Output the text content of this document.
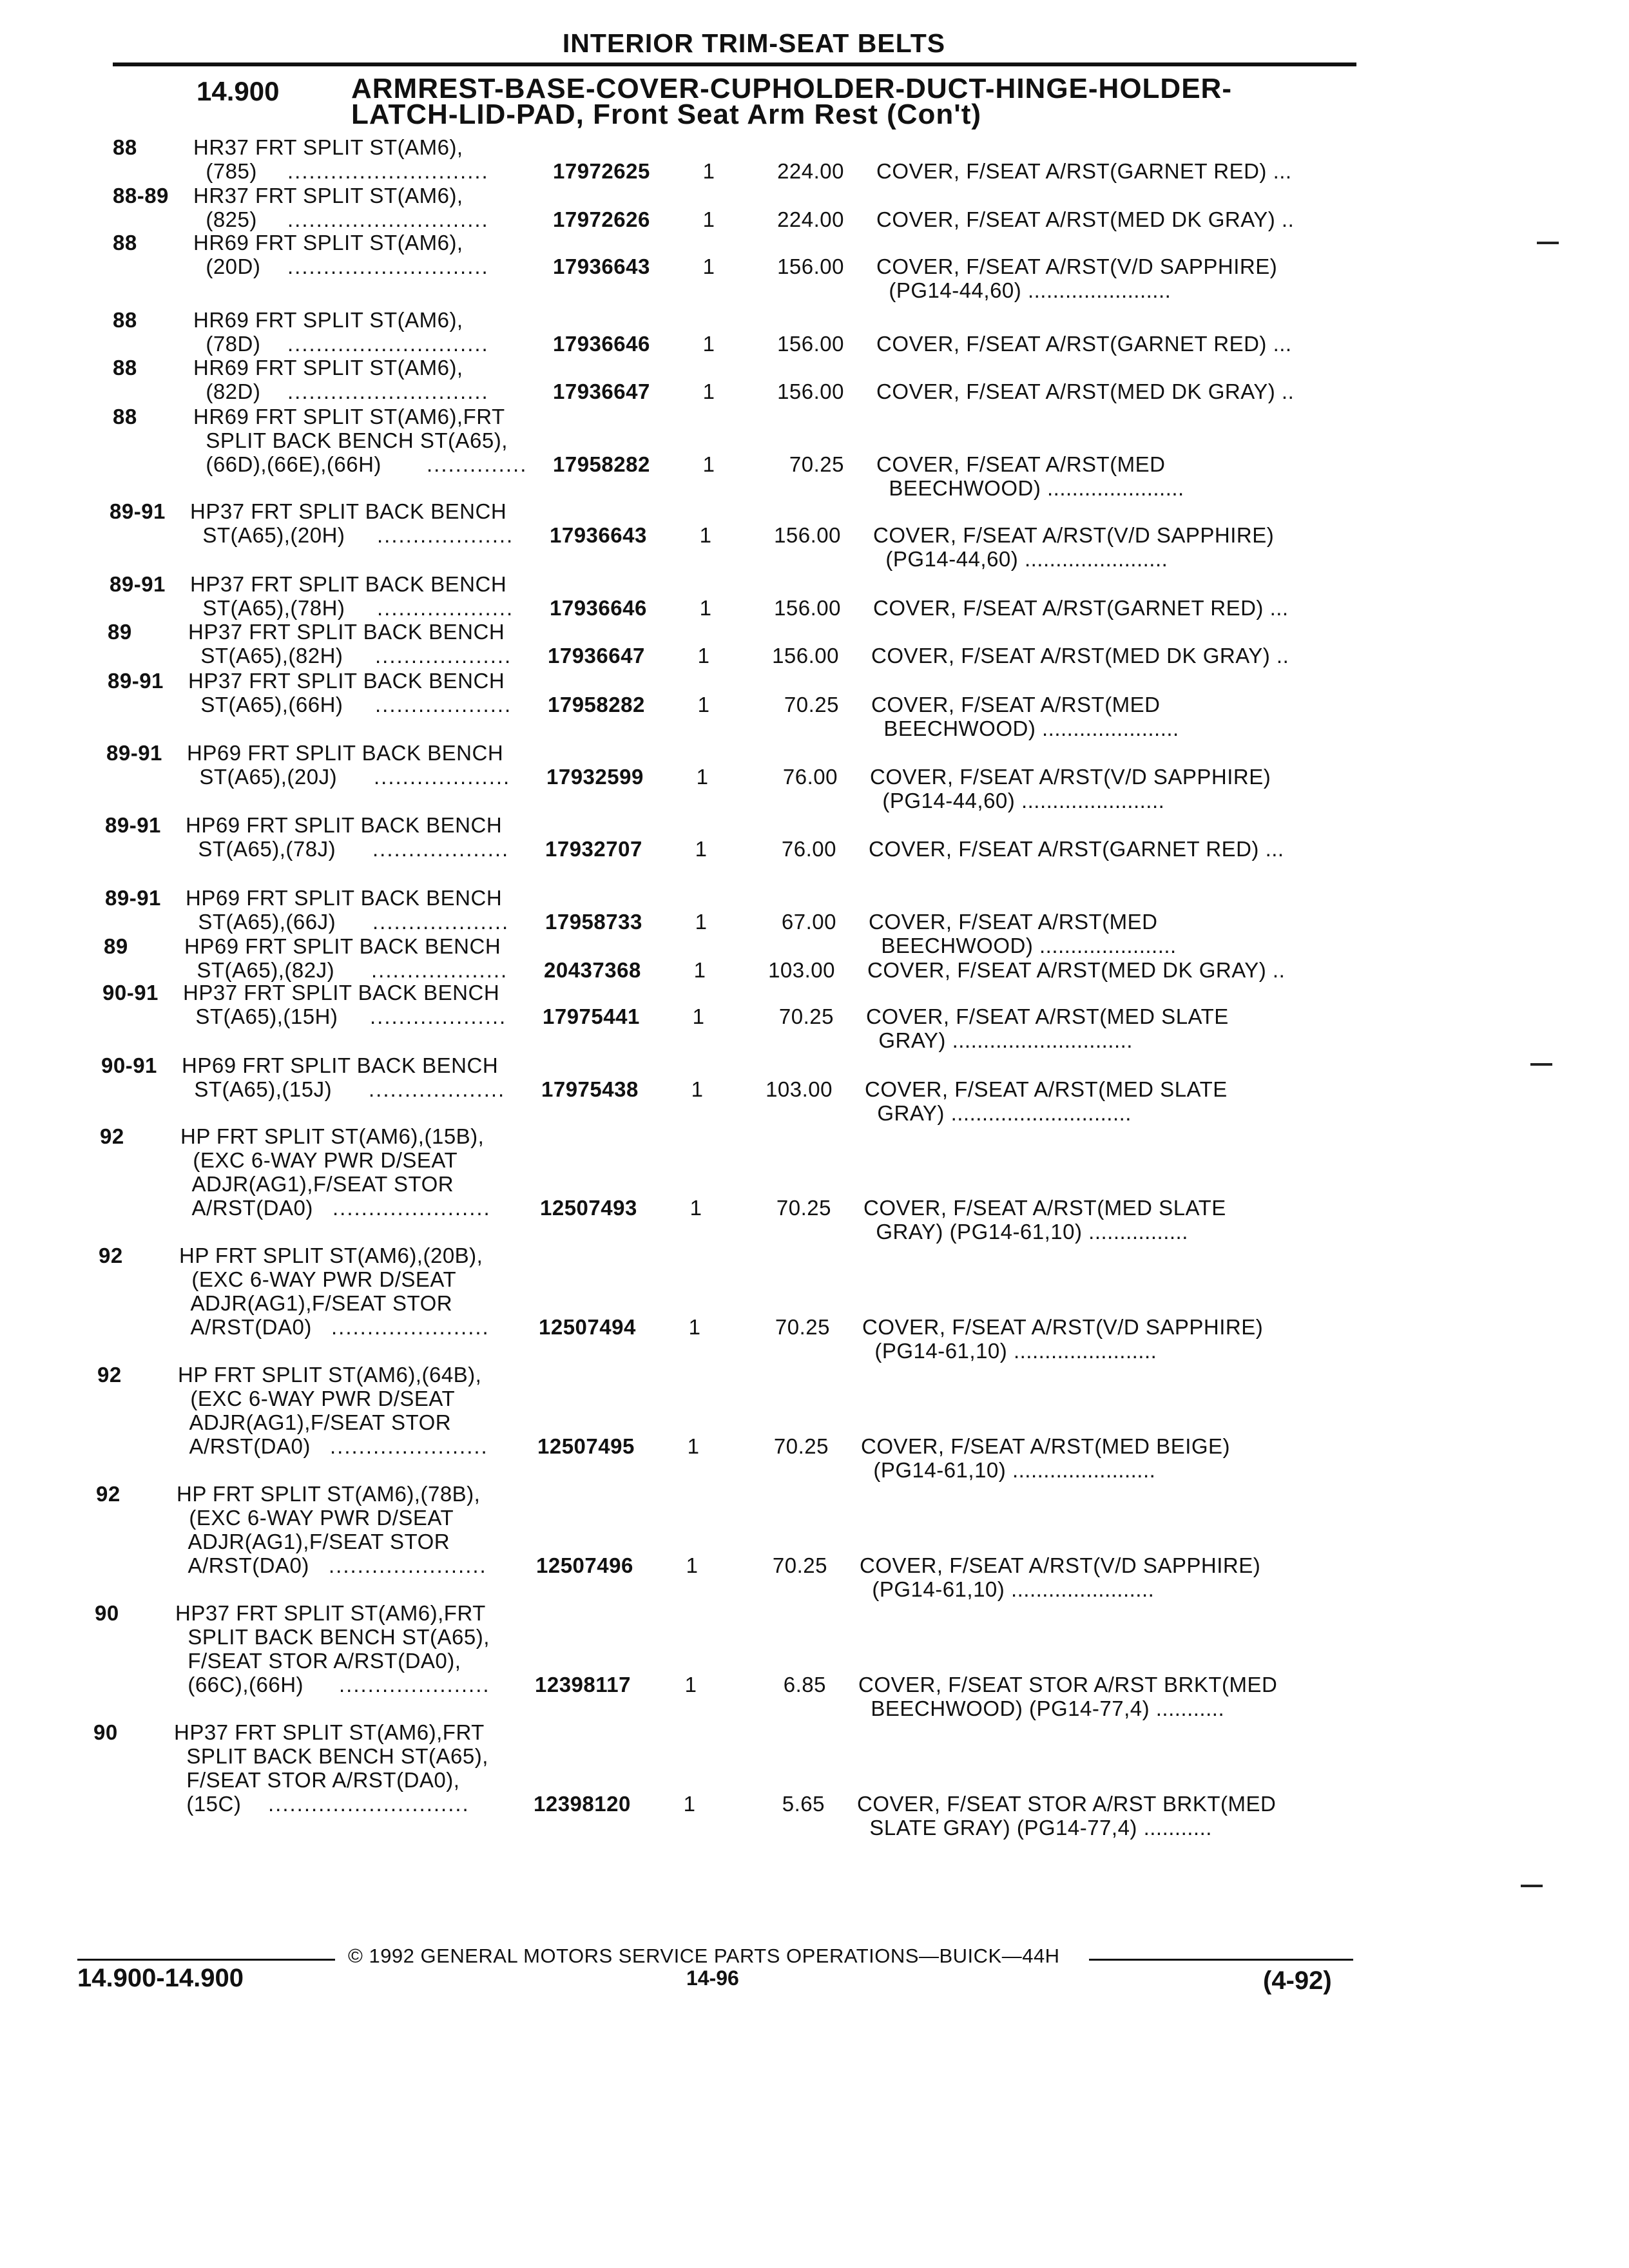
INTERIOR TRIM-SEAT BELTS
14.900	ARMREST-BASE-COVER-CUPHOLDER-DUCT-HINGE-HOLDER-
LATCH-LID-PAD, Front Seat Arm Rest (Con't)
88	HR37 FRT SPLIT ST(AM6),
(785)	............................	17972625 1	224.00 COVER, F/SEAT A/RST(GARNET RED) ...
88-89 HR37 FRT SPLIT ST(AM6),
(825)	............................	17972626 1	224.00 COVER, F/SEAT A/RST(MED DK GRAY) ..
88	HR69 FRT SPLIT ST(AM6),
(20D)	............................	17936643 1	156.00 COVER, F/SEAT A/RST(V/D SAPPHIRE)
(PG14-44,60) .......................
88	HR69 FRT SPLIT ST(AM6),
(78D)	............................	17936646 1	156.00 COVER, F/SEAT A/RST(GARNET RED) ...
88	HR69 FRT SPLIT ST(AM6),
(82D)	............................	17936647 1	156.00 COVER, F/SEAT A/RST(MED DK GRAY) ..
88	HR69 FRT SPLIT ST(AM6),FRT
SPLIT BACK BENCH ST(A65),
(66D),(66E),(66H)	.............. 17958282 1	70.25 COVER, F/SEAT A/RST(MED
BEECHWOOD) ......................
89-91 HP37 FRT SPLIT BACK BENCH
ST(A65),(20H)	................... 17936643 1	156.00 COVER, F/SEAT A/RST(V/D SAPPHIRE)
(PG14-44,60) .......................
89-91 HP37 FRT SPLIT BACK BENCH
ST(A65),(78H)	................... 17936646 1	156.00 COVER, F/SEAT A/RST(GARNET RED) ...
89	HP37 FRT SPLIT BACK BENCH
ST(A65),(82H)	................... 17936647 1	156.00 COVER, F/SEAT A/RST(MED DK GRAY) ..
89-91 HP37 FRT SPLIT BACK BENCH
ST(A65),(66H)	................... 17958282 1	70.25 COVER, F/SEAT A/RST(MED
BEECHWOOD) ......................
89-91 HP69 FRT SPLIT BACK BENCH
ST(A65),(20J)	................... 17932599 1	76.00 COVER, F/SEAT A/RST(V/D SAPPHIRE)
(PG14-44,60) .......................
89-91 HP69 FRT SPLIT BACK BENCH
ST(A65),(78J)	................... 17932707 1	76.00 COVER, F/SEAT A/RST(GARNET RED) ...
89-91 HP69 FRT SPLIT BACK BENCH
ST(A65),(66J)	................... 17958733 1	67.00 COVER, F/SEAT A/RST(MED
BEECHWOOD) ......................
89	HP69 FRT SPLIT BACK BENCH
ST(A65),(82J)	................... 20437368 1	103.00 COVER, F/SEAT A/RST(MED DK GRAY) ..
90-91 HP37 FRT SPLIT BACK BENCH
ST(A65),(15H)	................... 17975441 1	70.25 COVER, F/SEAT A/RST(MED SLATE
GRAY) .............................
90-91 HP69 FRT SPLIT BACK BENCH
ST(A65),(15J)	................... 17975438 1	103.00 COVER, F/SEAT A/RST(MED SLATE
GRAY) .............................
92	HP FRT SPLIT ST(AM6),(15B),
(EXC 6-WAY PWR D/SEAT
ADJR(AG1),F/SEAT STOR
A/RST(DA0) ...................... 12507493 1	70.25 COVER, F/SEAT A/RST(MED SLATE
GRAY) (PG14-61,10) ................
92	HP FRT SPLIT ST(AM6),(20B),
(EXC 6-WAY PWR D/SEAT
ADJR(AG1),F/SEAT STOR
A/RST(DA0) ...................... 12507494 1	70.25 COVER, F/SEAT A/RST(V/D SAPPHIRE)
(PG14-61,10) .......................
92	HP FRT SPLIT ST(AM6),(64B),
(EXC 6-WAY PWR D/SEAT
ADJR(AG1),F/SEAT STOR
A/RST(DA0) ...................... 12507495 1	70.25 COVER, F/SEAT A/RST(MED BEIGE)
(PG14-61,10) .......................
92	HP FRT SPLIT ST(AM6),(78B),
(EXC 6-WAY PWR D/SEAT
ADJR(AG1),F/SEAT STOR
A/RST(DA0) ...................... 12507496 1	70.25 COVER, F/SEAT A/RST(V/D SAPPHIRE)
(PG14-61,10) .......................
90	HP37 FRT SPLIT ST(AM6),FRT
SPLIT BACK BENCH ST(A65),
F/SEAT STOR A/RST(DA0),
(66C),(66H)	..................... 12398117	1	6.85 COVER, F/SEAT STOR A/RST BRKT(MED
BEECHWOOD) (PG14-77,4) ...........
90	HP37 FRT SPLIT ST(AM6),FRT
SPLIT BACK BENCH ST(A65),
F/SEAT STOR A/RST(DA0),
(15C)	............................	12398120 1	5.65 COVER, F/SEAT STOR A/RST BRKT(MED
SLATE GRAY) (PG14-77,4) ...........
© 1992 GENERAL MOTORS SERVICE PARTS OPERATIONS—BUICK—44H
14.900-14.900	14-96	(4-92)
